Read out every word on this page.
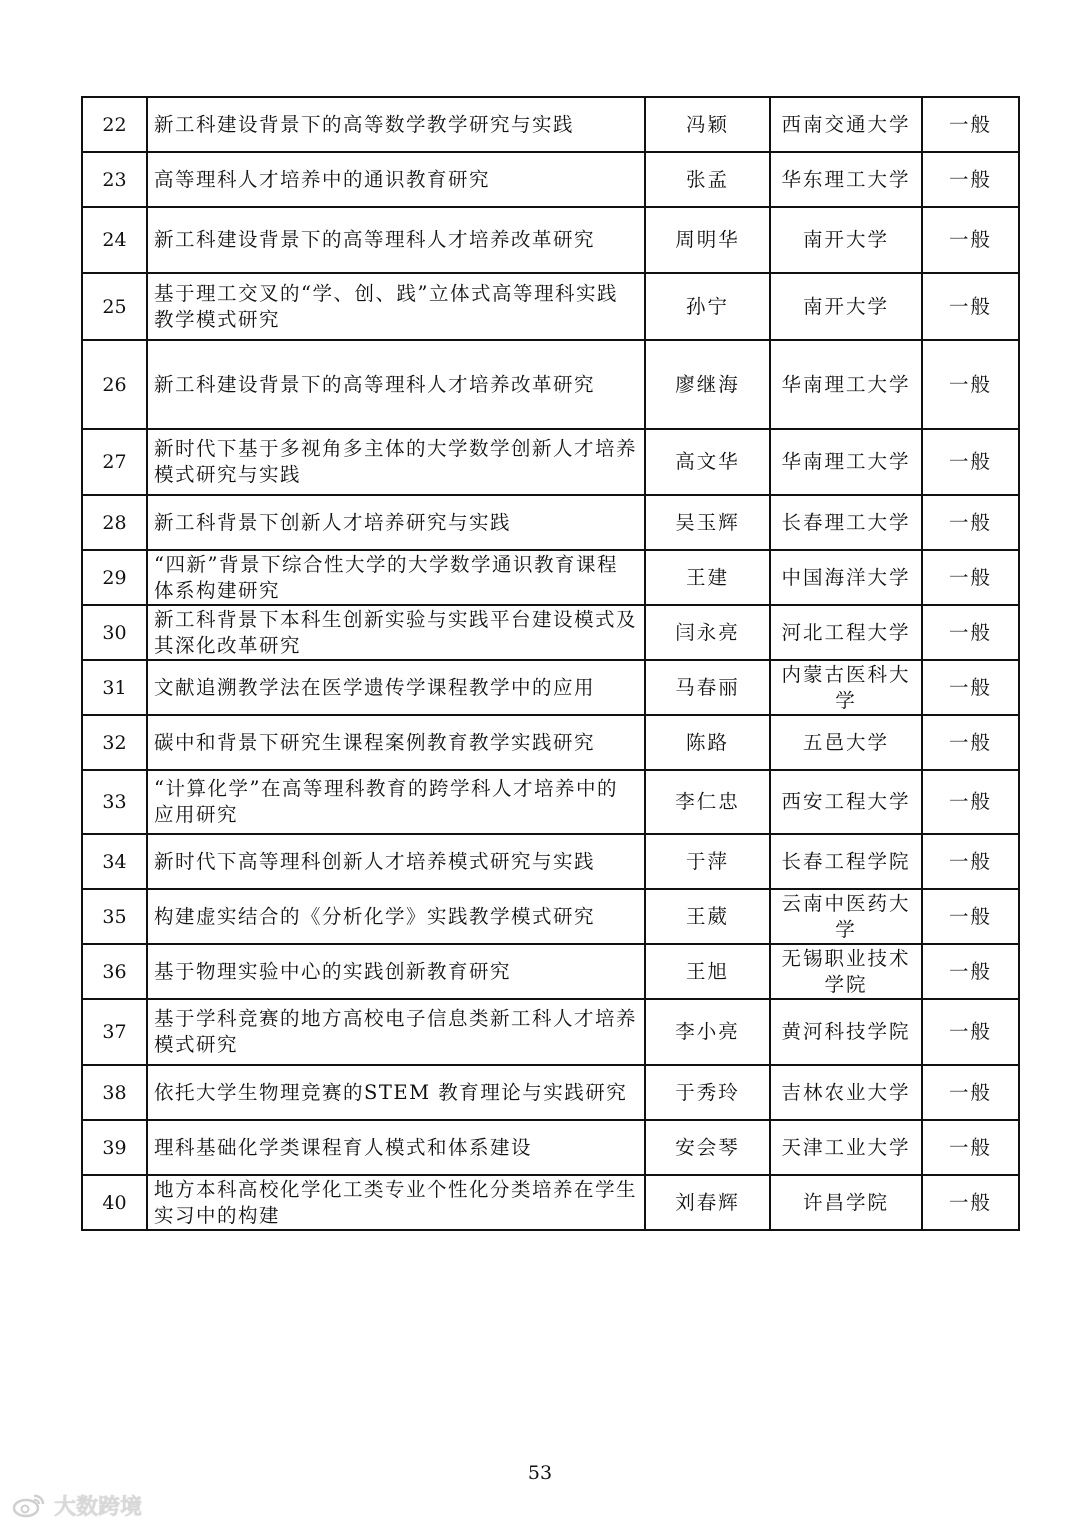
22	新工科建设背景下的高等数学教学研究与实践	冯颖	西南交通大学	一般
23	高等理科人才培养中的通识教育研究	张孟	华东理工大学	一般
24	新工科建设背景下的高等理科人才培养改革研究	周明华	南开大学	一般
25	基于理工交叉的“学、创、践”立体式高等理科实践教学模式研究	孙宁	南开大学	一般
26	新工科建设背景下的高等理科人才培养改革研究	廖继海	华南理工大学	一般
27	新时代下基于多视角多主体的大学数学创新人才培养模式研究与实践	高文华	华南理工大学	一般
28	新工科背景下创新人才培养研究与实践	吴玉辉	长春理工大学	一般
29	“四新”背景下综合性大学的大学数学通识教育课程体系构建研究	王建	中国海洋大学	一般
30	新工科背景下本科生创新实验与实践平台建设模式及其深化改革研究	闫永亮	河北工程大学	一般
31	文献追溯教学法在医学遗传学课程教学中的应用	马春丽	内蒙古医科大学	一般
32	碳中和背景下研究生课程案例教育教学实践研究	陈路	五邑大学	一般
33	“计算化学”在高等理科教育的跨学科人才培养中的应用研究	李仁忠	西安工程大学	一般
34	新时代下高等理科创新人才培养模式研究与实践	于萍	长春工程学院	一般
35	构建虚实结合的《分析化学》实践教学模式研究	王葳	云南中医药大学	一般
36	基于物理实验中心的实践创新教育研究	王旭	无锡职业技术学院	一般
37	基于学科竞赛的地方高校电子信息类新工科人才培养模式研究	李小亮	黄河科技学院	一般
38	依托大学生物理竞赛的STEM 教育理论与实践研究	于秀玲	吉林农业大学	一般
39	理科基础化学类课程育人模式和体系建设	安会琴	天津工业大学	一般
40	地方本科高校化学化工类专业个性化分类培养在学生实习中的构建	刘春辉	许昌学院	一般
53
大数跨境
